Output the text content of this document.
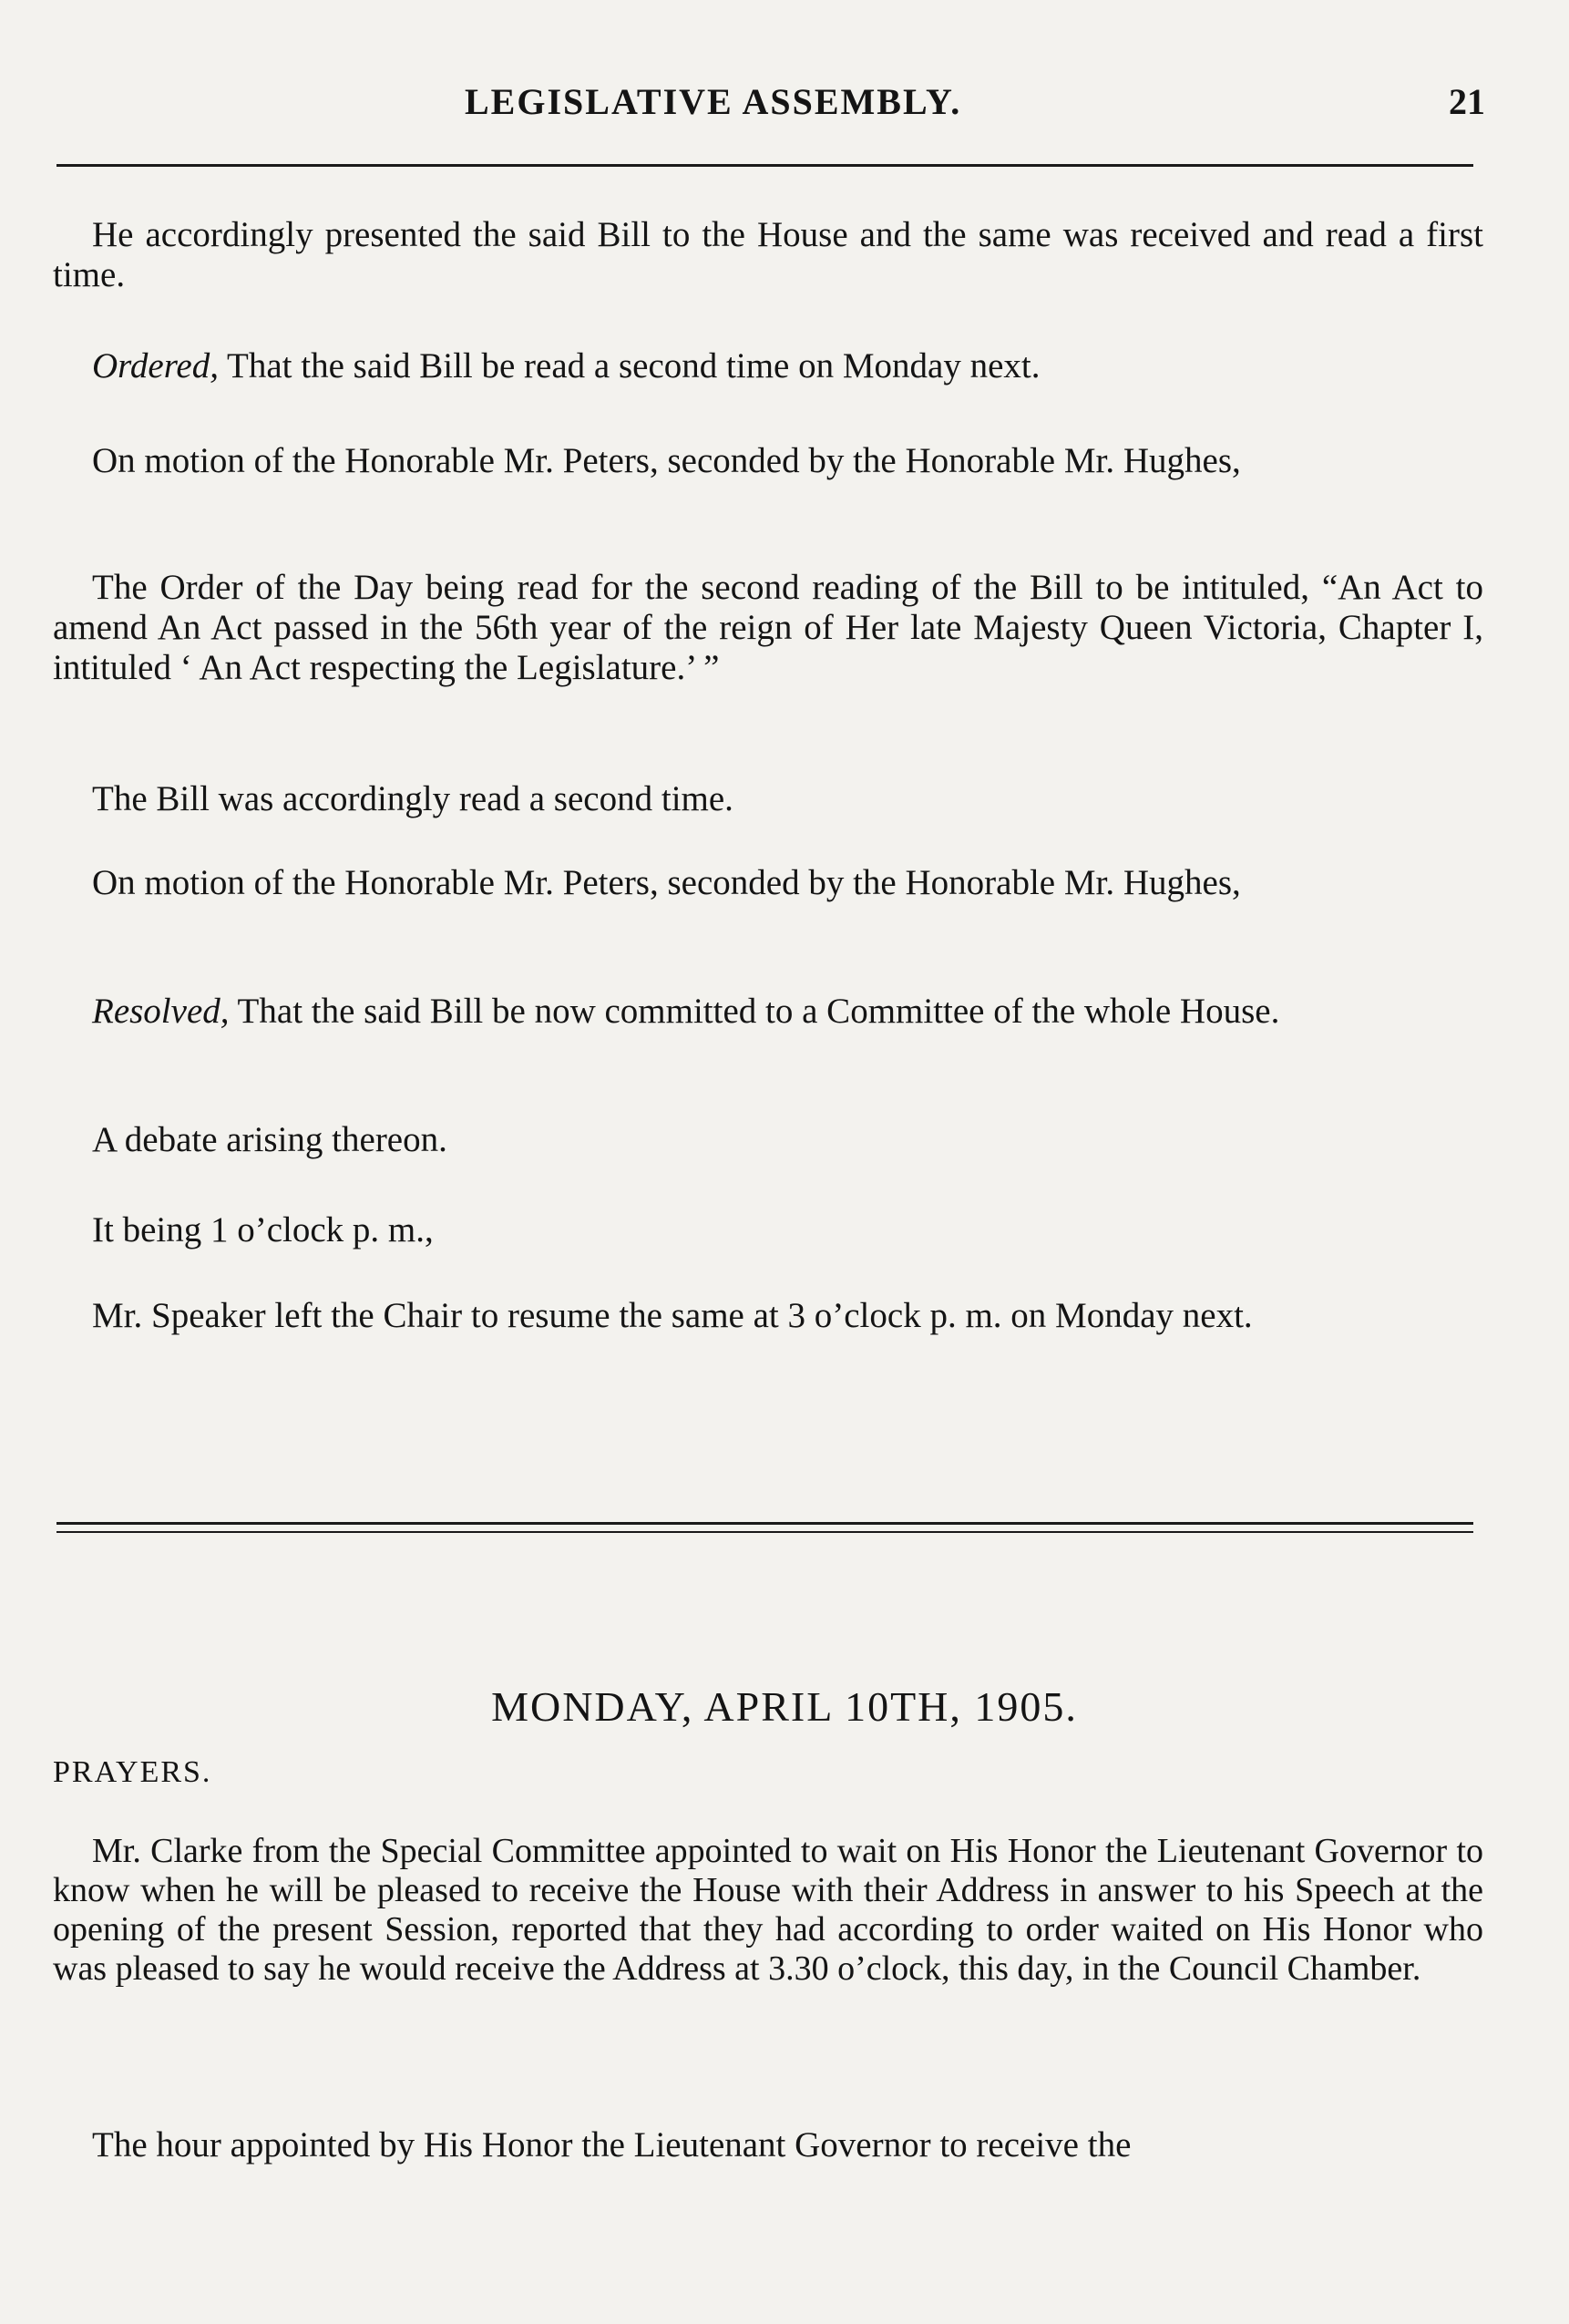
LEGISLATIVE ASSEMBLY.	21

He accordingly presented the said Bill to the House and the same was received and read a first time.

Ordered, That the said Bill be read a second time on Monday next.

On motion of the Honorable Mr. Peters, seconded by the Honorable Mr. Hughes,

The Order of the Day being read for the second reading of the Bill to be intituled, “An Act to amend An Act passed in the 56th year of the reign of Her late Majesty Queen Victoria, Chapter I, intituled ‘ An Act respecting the Legislature.’ ”

The Bill was accordingly read a second time.

On motion of the Honorable Mr. Peters, seconded by the Honorable Mr. Hughes,

Resolved, That the said Bill be now committed to a Committee of the whole House.

A debate arising thereon.

It being 1 o’clock p. m.,

Mr. Speaker left the Chair to resume the same at 3 o’clock p. m. on Monday next.

MONDAY, APRIL 10TH, 1905.
PRAYERS.

Mr. Clarke from the Special Committee appointed to wait on His Honor the Lieutenant Governor to know when he will be pleased to receive the House with their Address in answer to his Speech at the opening of the present Session, reported that they had according to order waited on His Honor who was pleased to say he would receive the Address at 3.30 o’clock, this day, in the Council Chamber.

The hour appointed by His Honor the Lieutenant Governor to receive the
